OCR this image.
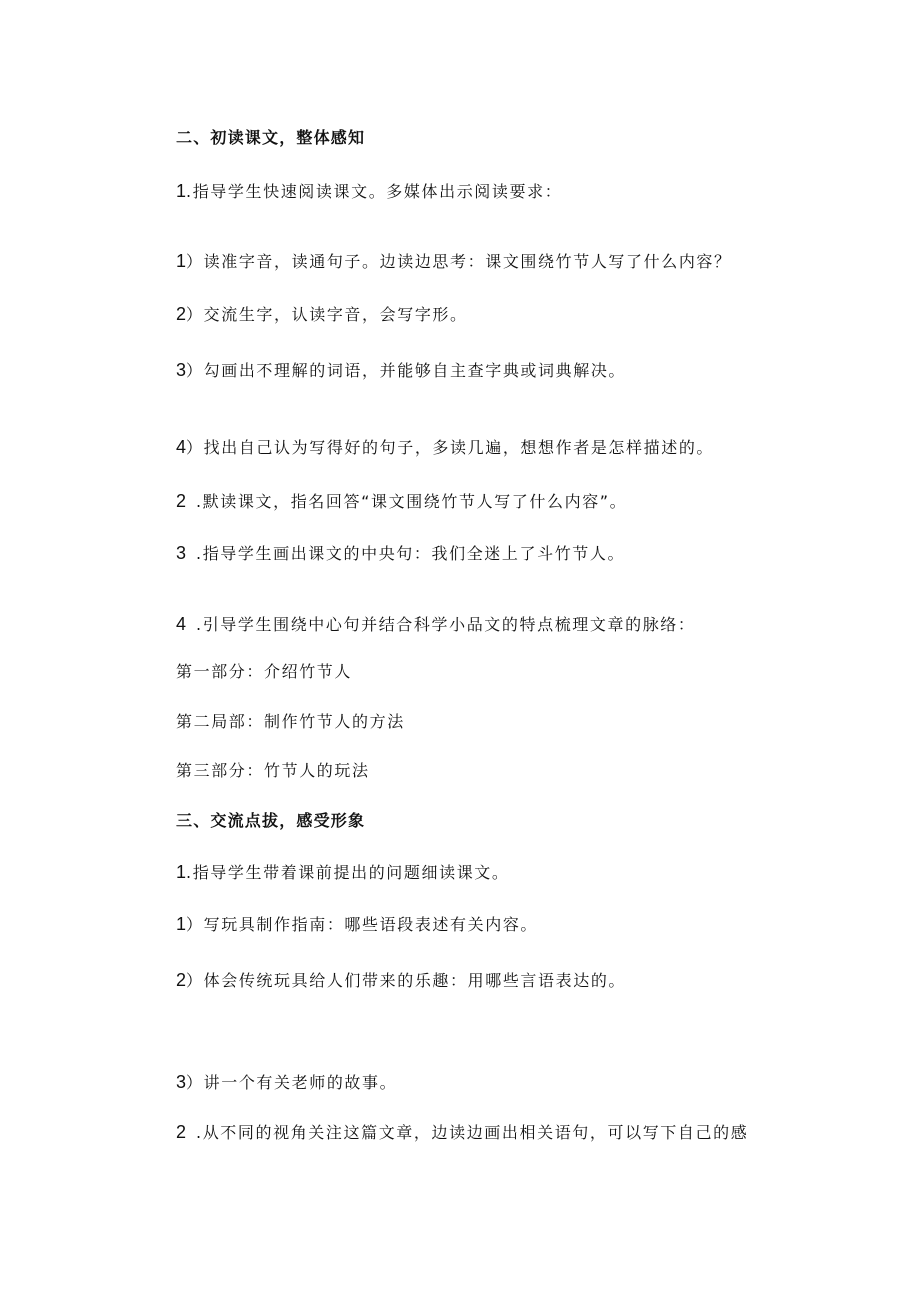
二、初读课文，整体感知
1.指导学生快速阅读课文。多媒体出示阅读要求：
1）读准字音，读通句子。边读边思考：课文围绕竹节人写了什么内容？
2）交流生字，认读字音，会写字形。
3）勾画出不理解的词语，并能够自主查字典或词典解决。
4）找出自己认为写得好的句子，多读几遍，想想作者是怎样描述的。
2 .默读课文，指名回答“课文围绕竹节人写了什么内容”。
3 .指导学生画出课文的中央句：我们全迷上了斗竹节人。
4 .引导学生围绕中心句并结合科学小品文的特点梳理文章的脉络：
第一部分：介绍竹节人
第二局部：制作竹节人的方法
第三部分：竹节人的玩法
三、交流点拔，感受形象
1.指导学生带着课前提出的问题细读课文。
1）写玩具制作指南：哪些语段表述有关内容。
2）体会传统玩具给人们带来的乐趣：用哪些言语表达的。
3）讲一个有关老师的故事。
2 .从不同的视角关注这篇文章，边读边画出相关语句，可以写下自己的感
